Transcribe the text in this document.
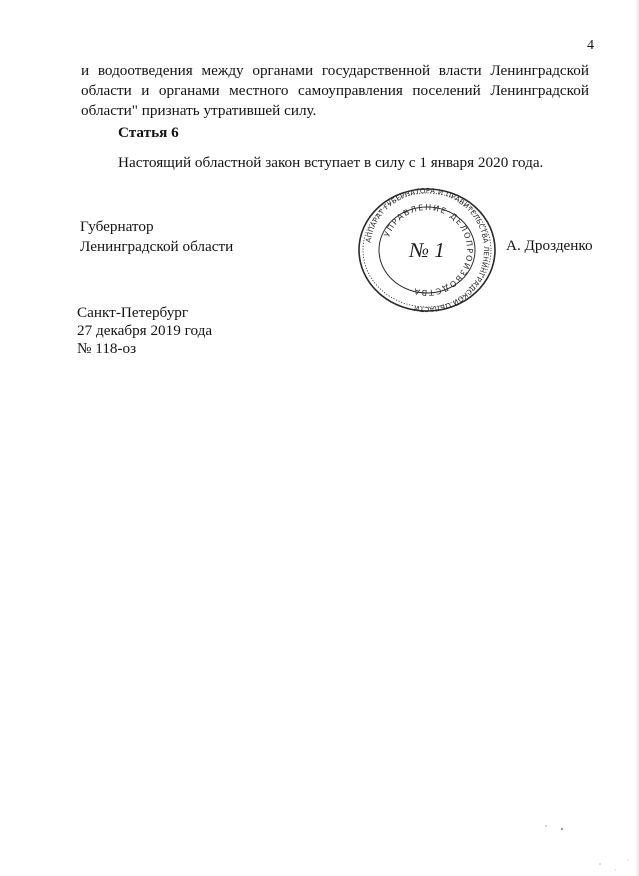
4
и водоотведения между органами государственной власти Ленинградской
области и органами местного самоуправления поселений Ленинградской
области" признать утратившей силу.
Статья 6
Настоящий областной закон вступает в силу с 1 января 2020 года.
Губернатор
Ленинградской области	А. Дрозденко
АППАРАТ ГУБЕРНАТОРА И ПРАВИТЕЛЬСТВА ЛЕНИНГРАДСКОЙ ОБЛАСТИ
УПРАВЛЕНИЕ ДЕЛОПРОИЗВОДСТВА
№ 1
Санкт-Петербург
27 декабря 2019 года
№ 118-оз
